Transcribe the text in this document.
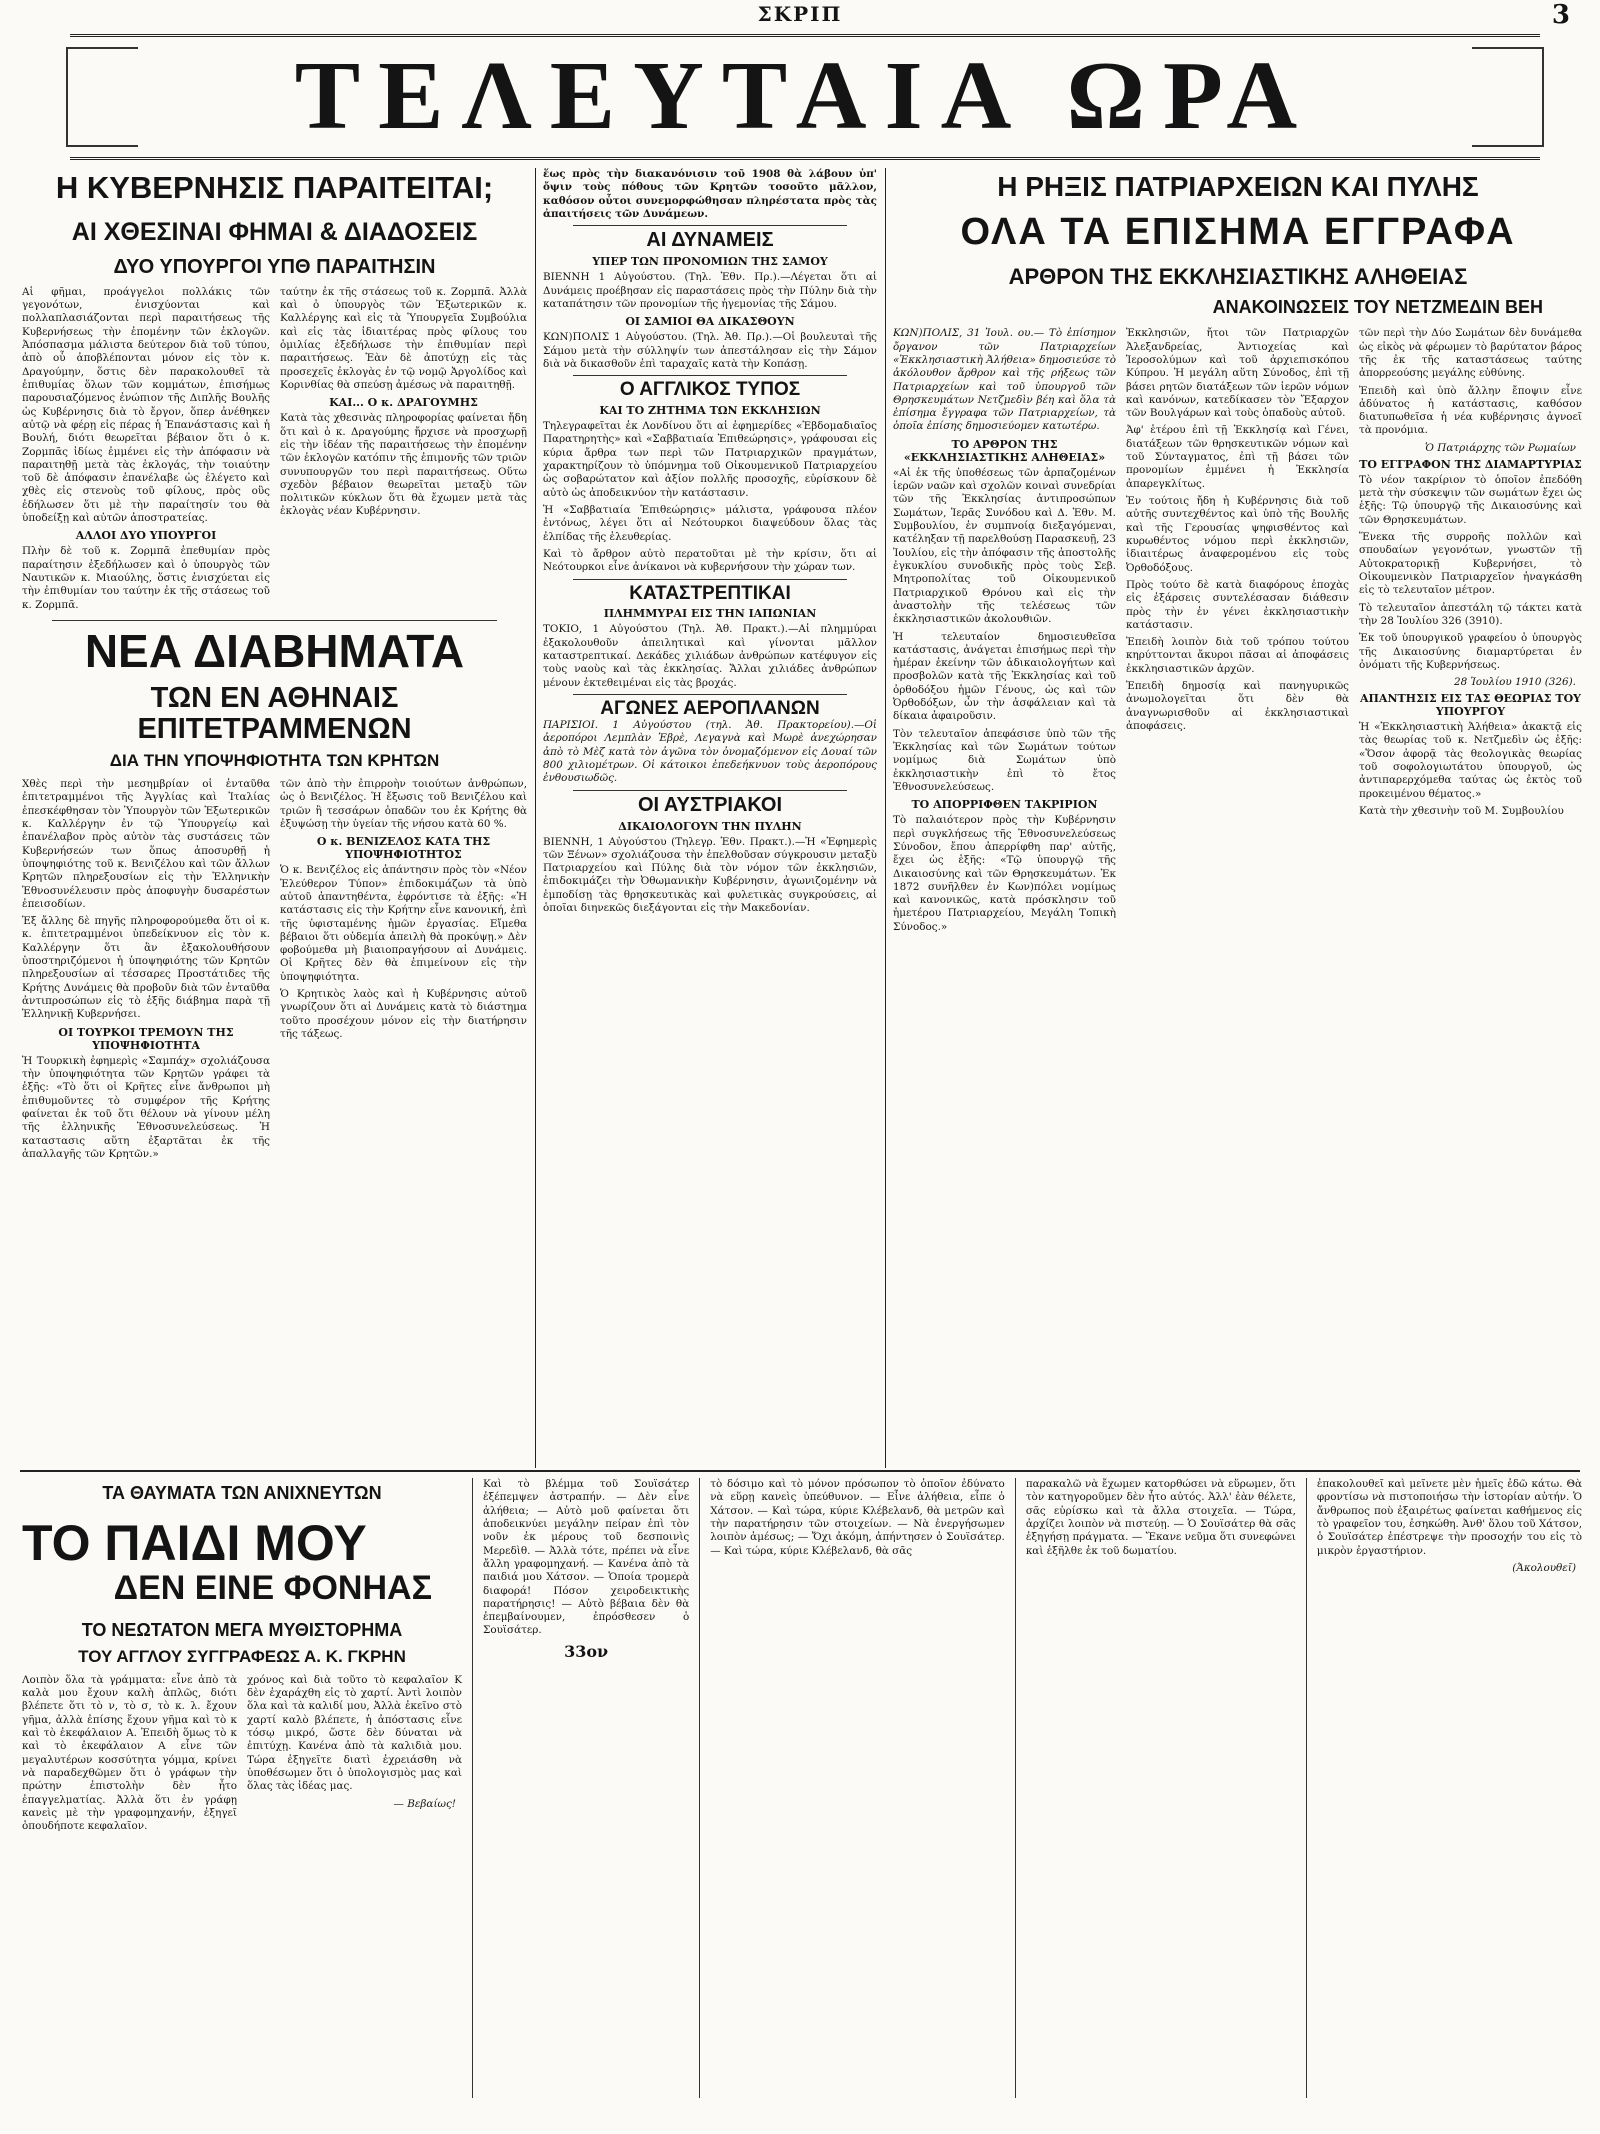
ΣΚΡΙΠ	3
ΤΕΛΕΥΤΑΙΑ ΩΡΑ
Η ΚΥΒΕΡΝΗΣΙΣ ΠΑΡΑΙΤΕΙΤΑΙ;
ΑΙ ΧΘΕΣΙΝΑΙ ΦΗΜΑΙ & ΔΙΑΔΟΣΕΙΣ
ΔΥΟ ΥΠΟΥΡΓΟΙ ΥΠΘ ΠΑΡΑΙΤΗΣΙΝ

Αἱ φῆμαι, προάγγελοι πολλάκις τῶν γεγονότων, ἐνισχύονται καὶ πολλαπλασιάζονται περὶ παραιτήσεως τῆς Κυβερνήσεως τὴν ἐπομένην τῶν ἐκλογῶν. Ἀπόσπασμα μάλιστα δεύτερον διὰ τοῦ τύπου, ἀπὸ οὗ ἀποβλέπονται μόνον εἰς τὸν κ. Δραγούμην, ὅστις δὲν παρακολουθεῖ τὰ ἐπιθυμίας ὅλων τῶν κομμάτων, ἐπισήμως παρουσιαζόμενος ἐνώπιον τῆς Διπλῆς Βουλῆς ὡς Κυβέρνησις διὰ τὸ ἔργον, ὅπερ ἀνέθηκεν αὐτῷ νὰ φέρῃ εἰς πέρας ἡ Ἐπανάστασις καὶ ἡ Βουλή, διότι θεωρεῖται βέβαιον ὅτι ὁ κ. Ζορμπᾶς ἰδίως ἐμμένει εἰς τὴν ἀπόφασιν νὰ παραιτηθῇ μετὰ τὰς ἐκλογάς, τὴν τοιαύτην τοῦ δὲ ἀπόφασιν ἐπανέλαβε ὡς ἐλέγετο καὶ χθὲς εἰς στενοὺς τοῦ φίλους, πρὸς οὓς ἐδήλωσεν ὅτι μὲ τὴν παραίτησίν του θὰ ὑποδείξῃ καὶ αὐτῶν ἀποστρατείας.

ΑΛΛΟΙ ΔΥΟ ΥΠΟΥΡΓΟΙ

Πλὴν δὲ τοῦ κ. Ζορμπᾶ ἐπεθυμίαν πρὸς παραίτησιν ἐξεδήλωσεν καὶ ὁ ὑπουργὸς τῶν Ναυτικῶν κ. Μιαούλης, ὅστις ἐνισχύεται εἰς τὴν ἐπιθυμίαν του ταύτην ἐκ τῆς στάσεως τοῦ κ. Ζορμπᾶ.

ταύτην ἐκ τῆς στάσεως τοῦ κ. Ζορμπᾶ. Ἀλλὰ καὶ ὁ ὑπουργὸς τῶν Ἐξωτερικῶν κ. Καλλέργης καὶ εἰς τὰ Ὑπουργεῖα Συμβούλια καὶ εἰς τὰς ἰδιαιτέρας πρὸς φίλους του ὁμιλίας ἐξεδήλωσε τὴν ἐπιθυμίαν περὶ παραιτήσεως. Ἐὰν δὲ ἀποτύχῃ εἰς τὰς προσεχεῖς ἐκλογὰς ἐν τῷ νομῷ Ἀργολίδος καὶ Κορινθίας θὰ σπεύσῃ ἀμέσως νὰ παραιτηθῇ.

ΚΑΙ... Ο κ. ΔΡΑΓΟΥΜΗΣ

Κατὰ τὰς χθεσινὰς πληροφορίας φαίνεται ἤδη ὅτι καὶ ὁ κ. Δραγούμης ἤρχισε νὰ προσχωρῇ εἰς τὴν ἰδέαν τῆς παραιτήσεως τὴν ἐπομένην τῶν ἐκλογῶν κατόπιν τῆς ἐπιμονῆς τῶν τριῶν συνυπουργῶν του περὶ παραιτήσεως. Οὕτω σχεδὸν βέβαιον θεωρεῖται μεταξὺ τῶν πολιτικῶν κύκλων ὅτι θὰ ἔχωμεν μετὰ τὰς ἐκλογὰς νέαν Κυβέρνησιν.

ΝΕΑ ΔΙΑΒΗΜΑΤΑ
ΤΩΝ ΕΝ ΑΘΗΝΑΙΣ ΕΠΙΤΕΤΡΑΜΜΕΝΩΝ
ΔΙΑ ΤΗΝ ΥΠΟΨΗΦΙΟΤΗΤΑ ΤΩΝ ΚΡΗΤΩΝ

Χθὲς περὶ τὴν μεσημβρίαν οἱ ἐνταῦθα ἐπιτετραμμένοι τῆς Ἀγγλίας καὶ Ἰταλίας ἐπεσκέφθησαν τὸν Ὑπουργὸν τῶν Ἐξωτερικῶν κ. Καλλέργην ἐν τῷ Ὑπουργείῳ καὶ ἐπανέλαβον πρὸς αὐτὸν τὰς συστάσεις τῶν Κυβερνήσεών των ὅπως ἀποσυρθῇ ἡ ὑποψηφιότης τοῦ κ. Βενιζέλου καὶ τῶν ἄλλων Κρητῶν πληρεξουσίων εἰς τὴν Ἑλληνικὴν Ἐθνοσυνέλευσιν πρὸς ἀποφυγὴν δυσαρέστων ἐπεισοδίων.

Ἐξ ἄλλης δὲ πηγῆς πληροφορούμεθα ὅτι οἱ κ. κ. ἐπιτετραμμένοι ὑπεδείκνυον εἰς τὸν κ. Καλλέργην ὅτι ἂν ἐξακολουθήσουν ὑποστηριζόμενοι ἡ ὑποψηφιότης τῶν Κρητῶν πληρεξουσίων αἱ τέσσαρες Προστάτιδες τῆς Κρήτης Δυνάμεις θὰ προβοῦν διὰ τῶν ἐνταῦθα ἀντιπροσώπων εἰς τὸ ἐξῆς διάβημα παρὰ τῇ Ἑλληνικῇ Κυβερνήσει.

ΟΙ ΤΟΥΡΚΟΙ ΤΡΕΜΟΥΝ ΤΗΣ ΥΠΟΨΗΦΙΟΤΗΤΑ

Ἡ Τουρκικὴ ἐφημερὶς «Σαμπάχ» σχολιάζουσα τὴν ὑποψηφιότητα τῶν Κρητῶν γράφει τὰ ἑξῆς: «Τὸ ὅτι οἱ Κρῆτες εἶνε ἄνθρωποι μὴ ἐπιθυμοῦντες τὸ συμφέρον τῆς Κρήτης φαίνεται ἐκ τοῦ ὅτι θέλουν νὰ γίνουν μέλη τῆς ἑλληνικῆς Ἐθνοσυνελεύσεως. Ἡ καταστασις αὕτη ἐξαρτᾶται ἐκ τῆς ἀπαλλαγῆς τῶν Κρητῶν.»

τῶν ἀπὸ τὴν ἐπιρροὴν τοιούτων ἀνθρώπων, ὡς ὁ Βενιζέλος. Ἡ ἔξωσις τοῦ Βενιζέλου καὶ τριῶν ἢ τεσσάρων ὁπαδῶν του ἐκ Κρήτης θὰ ἐξυψώσῃ τὴν ὑγείαν τῆς νήσου κατὰ 60 %.

Ο κ. ΒΕΝΙΖΕΛΟΣ ΚΑΤΑ ΤΗΣ ΥΠΟΨΗΦΙΟΤΗΤΟΣ

Ὁ κ. Βενιζέλος εἰς ἀπάντησιν πρὸς τὸν «Νέον Ἐλεύθερον Τύπον» ἐπιδοκιμάζων τὰ ὑπὸ αὐτοῦ ἀπαντηθέντα, ἐφρόντισε τὰ ἐξῆς: «Ἡ κατάστασις εἰς τὴν Κρήτην εἶνε κανονική, ἐπὶ τῆς ὑφισταμένης ἡμῶν ἐργασίας. Εἴμεθα βέβαιοι ὅτι οὐδεμία ἀπειλὴ θὰ προκύψῃ.» Δὲν φοβούμεθα μὴ βιαιοπραγήσουν αἱ Δυνάμεις. Οἱ Κρῆτες δὲν θὰ ἐπιμείνουν εἰς τὴν ὑποψηφιότητα.

Ὁ Κρητικὸς λαὸς καὶ ἡ Κυβέρνησις αὐτοῦ γνωρίζουν ὅτι αἱ Δυνάμεις κατὰ τὸ διάστημα τοῦτο προσέχουν μόνον εἰς τὴν διατήρησιν τῆς τάξεως.

ἕως πρὸς τὴν διακανόνισιν τοῦ 1908 θὰ λάβουν ὑπ' ὄψιν τοὺς πόθους τῶν Κρητῶν τοσοῦτο μᾶλλον, καθόσον οὗτοι συνεμορφώθησαν πληρέστατα πρὸς τὰς ἀπαιτήσεις τῶν Δυνάμεων.

ΑΙ ΔΥΝΑΜΕΙΣ
ΥΠΕΡ ΤΩΝ ΠΡΟΝΟΜΙΩΝ ΤΗΣ ΣΑΜΟΥ

ΒΙΕΝΝΗ 1 Αὐγούστου. (Τηλ. Ἐθν. Πρ.).—Λέγεται ὅτι αἱ Δυνάμεις προέβησαν εἰς παραστάσεις πρὸς τὴν Πύλην διὰ τὴν καταπάτησιν τῶν προνομίων τῆς ἡγεμονίας τῆς Σάμου.

ΟΙ ΣΑΜΙΟΙ ΘΑ ΔΙΚΑΣΘΟΥΝ

ΚΩΝ)ΠΟΛΙΣ 1 Αὐγούστου. (Τηλ. Ἀθ. Πρ.).—Οἱ βουλευταὶ τῆς Σάμου μετὰ τὴν σύλληψίν των ἀπεστάλησαν εἰς τὴν Σάμον διὰ νὰ δικασθοῦν ἐπὶ ταραχαῖς κατὰ τὴν Κοπάσῃ.

Ο ΑΓΓΛΙΚΟΣ ΤΥΠΟΣ
ΚΑΙ ΤΟ ΖΗΤΗΜΑ ΤΩΝ ΕΚΚΛΗΣΙΩΝ

Τηλεγραφεῖται ἐκ Λονδίνου ὅτι αἱ ἐφημερίδες «Ἐβδομαδιαῖος Παρατηρητὴς» καὶ «Σαββατιαία Ἐπιθεώρησις», γράφουσαι εἰς κύρια ἄρθρα των περὶ τῶν Πατριαρχικῶν πραγμάτων, χαρακτηρίζουν τὸ ὑπόμνημα τοῦ Οἰκουμενικοῦ Πατριαρχείου ὡς σοβαρώτατον καὶ ἀξίον πολλῆς προσοχῆς, εὑρίσκουν δὲ αὐτὸ ὡς ἀποδεικνύον τὴν κατάστασιν.

Ἡ «Σαββατιαία Ἐπιθεώρησις» μάλιστα, γράφουσα πλέον ἐντόνως, λέγει ὅτι αἱ Νεότουρκοι διαψεύδουν ὅλας τὰς ἐλπίδας τῆς ἐλευθερίας.

Καὶ τὸ ἄρθρον αὐτὸ περατοῦται μὲ τὴν κρίσιν, ὅτι αἱ Νεότουρκοι εἶνε ἀνίκανοι νὰ κυβερνήσουν τὴν χώραν των.

ΚΑΤΑΣΤΡΕΠΤΙΚΑΙ
ΠΛΗΜΜΥΡΑΙ ΕΙΣ ΤΗΝ ΙΑΠΩΝΙΑΝ

ΤΟΚΙΟ, 1 Αὐγούστου (Τηλ. Ἀθ. Πρακτ.).—Αἱ πλημμύραι ἐξακολουθοῦν ἀπειλητικαὶ καὶ γίνονται μᾶλλον καταστρεπτικαί. Δεκάδες χιλιάδων ἀνθρώπων κατέφυγον εἰς τοὺς ναοὺς καὶ τὰς ἐκκλησίας. Ἄλλαι χιλιάδες ἀνθρώπων μένουν ἐκτεθειμέναι εἰς τὰς βροχάς.

ΑΓΩΝΕΣ ΑΕΡΟΠΛΑΝΩΝ

ΠΑΡΙΣΙΟΙ. 1 Αὐγούστου (τηλ. Ἀθ. Πρακτορείου).—Οἱ ἀεροπόροι Λεμπλὰν Ἐβρὲ, Λεγαγνὰ καὶ Μωρὲ ἀνεχώρησαν ἀπὸ τὸ Μὲζ κατὰ τὸν ἀγῶνα τὸν ὀνομαζόμενον εἰς Δουαί τῶν 800 χιλιομέτρων. Οἱ κάτοικοι ἐπεδεήκνυον τοὺς ἀεροπόρους ἐνθουσιωδῶς.

ΟΙ ΑΥΣΤΡΙΑΚΟΙ
ΔΙΚΑΙΟΛΟΓΟΥΝ ΤΗΝ ΠΥΛΗΝ

ΒΙΕΝΝΗ, 1 Αὐγούστου (Τηλεγρ. Ἐθν. Πρακτ.).—Ἡ «Ἐφημερὶς τῶν Ξένων» σχολιάζουσα τὴν ἐπελθοῦσαν σύγκρουσιν μεταξὺ Πατριαρχείου καὶ Πύλης διὰ τὸν νόμον τῶν ἐκκλησιῶν, ἐπιδοκιμάζει τὴν Ὀθωμανικὴν Κυβέρνησιν, ἀγωνιζομένην νὰ ἐμποδίσῃ τὰς θρησκευτικὰς καὶ φυλετικὰς συγκρούσεις, αἱ ὁποῖαι διηνεκῶς διεξάγονται εἰς τὴν Μακεδονίαν.

Η ΡΗΞΙΣ ΠΑΤΡΙΑΡΧΕΙΩΝ ΚΑΙ ΠΥΛΗΣ
ΟΛΑ ΤΑ ΕΠΙΣΗΜΑ ΕΓΓΡΑΦΑ
ΑΡΘΡΟΝ ΤΗΣ ΕΚΚΛΗΣΙΑΣΤΙΚΗΣ ΑΛΗΘΕΙΑΣ
ΑΝΑΚΟΙΝΩΣΕΙΣ ΤΟΥ ΝΕΤΖΜΕΔΙΝ ΒΕΗ

ΚΩΝ)ΠΟΛΙΣ, 31 Ἰουλ. ου.— Τὸ ἐπίσημον ὄργανον τῶν Πατριαρχείων «Ἐκκλησιαστικὴ Ἀλήθεια» δημοσιεύσε τὸ ἀκόλουθον ἄρθρον καὶ τῆς ρήξεως τῶν Πατριαρχείων καὶ τοῦ ὑπουργοῦ τῶν Θρησκευμάτων Νετζμεδὶν βέη καὶ ὅλα τὰ ἐπίσημα ἔγγραφα τῶν Πατριαρχείων, τὰ ὁποῖα ἐπίσης δημοσιεύομεν κατωτέρω.

ΤΟ ΑΡΘΡΟΝ ΤΗΣ «ΕΚΚΛΗΣΙΑΣΤΙΚΗΣ ΑΛΗΘΕΙΑΣ»

«Αἱ ἐκ τῆς ὑποθέσεως τῶν ἀρπαζομένων ἱερῶν ναῶν καὶ σχολῶν κοιναὶ συνεδρίαι τῶν τῆς Ἐκκλησίας ἀντιπροσώπων Σωμάτων, Ἱερᾶς Συνόδου καὶ Δ. Ἐθν. Μ. Συμβουλίου, ἐν συμπνοίᾳ διεξαγόμεναι, κατέληξαν τῇ παρελθούσῃ Παρασκευῇ, 23 Ἰουλίου, εἰς τὴν ἀπόφασιν τῆς ἀποστολῆς ἐγκυκλίου συνοδικῆς πρὸς τοὺς Σεβ. Μητροπολίτας τοῦ Οἰκουμενικοῦ Πατριαρχικοῦ Θρόνου καὶ εἰς τὴν ἀναστολὴν τῆς τελέσεως τῶν ἐκκλησιαστικῶν ἀκολουθιῶν.

Ἡ τελευταίον δημοσιευθεῖσα κατάστασις, ἀνάγεται ἐπισήμως περὶ τὴν ἡμέραν ἐκείνην τῶν ἀδικαιολογήτων καὶ προσβολῶν κατὰ τῆς Ἐκκλησίας καὶ τοῦ ὀρθοδόξου ἡμῶν Γένους, ὡς καὶ τῶν Ὀρθοδόξων, ὧν τὴν ἀσφάλειαν καὶ τὰ δίκαια ἀφαιροῦσιν.

Τὸν τελευταῖον ἀπεφάσισε ὑπὸ τῶν τῆς Ἐκκλησίας καὶ τῶν Σωμάτων τούτων νομίμως διὰ Σωμάτων ὑπὸ ἐκκλησιαστικὴν ἐπὶ τὸ ἔτος Ἐθνοσυνελεύσεως.

ΤΟ ΑΠΟΡΡΙΦΘΕΝ ΤΑΚΡΙΡΙΟΝ

Τὸ παλαιότερον πρὸς τὴν Κυβέρνησιν περὶ συγκλήσεως τῆς Ἐθνοσυνελεύσεως Σύνοδον, ἔπου ἀπερρίφθη παρ' αὐτῆς, ἔχει ὡς ἑξῆς: «Τῷ ὑπουργῷ τῆς Δικαιοσύνης καὶ τῶν Θρησκευμάτων. Ἐκ 1872 συνῆλθεν ἐν Κων)πόλει νομίμως καὶ κανονικῶς, κατὰ πρόσκλησιν τοῦ ἡμετέρου Πατριαρχείου, Μεγάλη Τοπικὴ Σύνοδος.»

Ἐκκλησιῶν, ἤτοι τῶν Πατριαρχῶν Ἀλεξανδρείας, Ἀντιοχείας καὶ Ἱεροσολύμων καὶ τοῦ ἀρχιεπισκόπου Κύπρου. Ἡ μεγάλη αὕτη Σύνοδος, ἐπὶ τῇ βάσει ρητῶν διατάξεων τῶν ἱερῶν νόμων καὶ κανόνων, κατεδίκασεν τὸν Ἔξαρχον τῶν Βουλγάρων καὶ τοὺς ὀπαδοὺς αὐτοῦ.

Ἀφ' ἑτέρου ἐπὶ τῇ Ἐκκλησίᾳ καὶ Γένει, διατάξεων τῶν θρησκευτικῶν νόμων καὶ τοῦ Σύνταγματος, ἐπὶ τῇ βάσει τῶν προνομίων ἐμμένει ἡ Ἐκκλησία ἀπαρεγκλίτως.

Ἐν τούτοις ἤδη ἡ Κυβέρνησις διὰ τοῦ αὐτῆς συντεχθέντος καὶ ὑπὸ τῆς Βουλῆς καὶ τῆς Γερουσίας ψηφισθέντος καὶ κυρωθέντος νόμου περὶ ἐκκλησιῶν, ἰδιαιτέρως ἀναφερομένου εἰς τοὺς Ὀρθοδόξους.

Πρὸς τούτο δὲ κατὰ διαφόρους ἐποχὰς εἰς ἐξάρσεις συντελέσασαν διάθεσιν πρὸς τὴν ἐν γένει ἐκκλησιαστικὴν κατάστασιν.

Ἐπειδὴ λοιπὸν διὰ τοῦ τρόπου τούτου κηρύττονται ἄκυροι πᾶσαι αἱ ἀποφάσεις ἐκκλησιαστικῶν ἀρχῶν.

Ἐπειδὴ δημοσίᾳ καὶ πανηγυρικῶς ἀνωμολογεῖται ὅτι δὲν θὰ ἀναγνωρισθοῦν αἱ ἐκκλησιαστικαὶ ἀποφάσεις.

τῶν περὶ τὴν Δύο Σωμάτων δὲν δυνάμεθα ὡς εἰκὸς νὰ φέρωμεν τὸ βαρύτατον βάρος τῆς ἐκ τῆς καταστάσεως ταύτης ἀπορρεούσης μεγάλης εὐθύνης.

Ἐπειδὴ καὶ ὑπὸ ἄλλην ἔποψιν εἶνε ἀδύνατος ἡ κατάστασις, καθόσον διατυπωθεῖσα ἡ νέα κυβέρνησις ἀγνοεῖ τὰ προνόμια.

Ὁ Πατριάρχης τῶν Ρωμαίων
ΤΟ ΕΓΓΡΑΦΟΝ ΤΗΣ ΔΙΑΜΑΡΤΥΡΙΑΣ

Τὸ νέον τακρίριον τὸ ὁποῖον ἐπεδόθη μετὰ τὴν σύσκεψιν τῶν σωμάτων ἔχει ὡς ἑξῆς: Τῷ ὑπουργῷ τῆς Δικαιοσύνης καὶ τῶν Θρησκευμάτων.

Ἕνεκα τῆς συρροῆς πολλῶν καὶ σπουδαίων γεγονότων, γνωστῶν τῇ Αὐτοκρατορικῇ Κυβερνήσει, τὸ Οἰκουμενικὸν Πατριαρχεῖον ἠναγκάσθη εἰς τὸ τελευταῖον μέτρον.

Τὸ τελευταῖον ἀπεστάλη τῷ τάκτει κατὰ τὴν 28 Ἰουλίου 326 (3910).

Ἐκ τοῦ ὑπουργικοῦ γραφείου ὁ ὑπουργὸς τῆς Δικαιοσύνης διαμαρτύρεται ἐν ὀνόματι τῆς Κυβερνήσεως.

28 Ἰουλίου 1910 (326).
ΑΠΑΝΤΗΣΙΣ ΕΙΣ ΤΑΣ ΘΕΩΡΙΑΣ ΤΟΥ ΥΠΟΥΡΓΟΥ

Ἡ «Ἐκκλησιαστικὴ Ἀλήθεια» ἀκακτᾷ εἰς τὰς θεωρίας τοῦ κ. Νετζμεδὶν ὡς ἑξῆς: «Ὅσον ἀφορᾷ τὰς θεολογικὰς θεωρίας τοῦ σοφολογιωτάτου ὑπουργοῦ, ὡς ἀντιπαρερχόμεθα ταύτας ὡς ἐκτὸς τοῦ προκειμένου θέματος.»

Κατὰ τὴν χθεσινὴν τοῦ Μ. Συμβουλίου

ΤΑ ΘΑΥΜΑΤΑ ΤΩΝ ΑΝΙΧΝΕΥΤΩΝ
ΤΟ ΠΑΙΔΙ ΜΟΥ
ΔΕΝ ΕΙΝΕ ΦΟΝΗΑΣ
ΤΟ ΝΕΩΤΑΤΟΝ ΜΕΓΑ ΜΥΘΙΣΤΟΡΗΜΑ
ΤΟΥ ΑΓΓΛΟΥ ΣΥΓΓΡΑΦΕΩΣ Α. Κ. ΓΚΡΗΝ

Λοιπὸν ὅλα τὰ γράμματα: εἶνε ἀπὸ τὰ καλὰ μου ἔχουν καλὴ ἀπλῶς, διότι βλέπετε ὅτι τὸ ν, τὸ σ, τὸ κ. λ. ἔχουν γῆμα, ἀλλὰ ἐπίσης ἔχουν γῆμα καὶ τὸ κ καὶ τὸ ἐκεφάλαιον Α. Ἐπειδὴ ὅμως τὸ κ καὶ τὸ ἐκεφάλαιον Α εἶνε τῶν μεγαλυτέρων κοσσύτητα γόμμα, κρίνει νὰ παραδεχθῶμεν ὅτι ὁ γράφων τὴν πρώτην ἐπιστολὴν δὲν ἦτο ἐπαγγελματίας. Ἀλλὰ ὅτι ἐν γράφῃ κανεὶς μὲ τὴν γραφομηχανήν, ἐξηγεῖ ὁπουδήποτε κεφαλαῖον.

χρόνος καὶ διὰ τοῦτο τὸ κεφαλαῖον Κ δὲν ἐχαράχθη εἰς τὸ χαρτί. Ἀντὶ λοιπὸν ὅλα καὶ τὰ καλιδί μου, Ἀλλὰ ἐκεῖνο στὸ χαρτί καλὸ βλέπετε, ἡ ἀπόστασις εἶνε τόσῳ μικρό, ὥστε δὲν δύναται νὰ ἐπιτύχῃ. Κανένα ἀπὸ τὰ καλιδιὰ μου. Τώρα ἐξηγεῖτε διατὶ ἐχρειάσθη νὰ ὑποθέσωμεν ὅτι ὁ ὑπολογισμὸς μας καὶ ὅλας τὰς ἰδέας μας.

— Βεβαίως!

Καὶ τὸ βλέμμα τοῦ Σουϊσάτερ ἐξέπεμψεν ἀστραπήν. — Δὲν εἶνε ἀλήθεια; — Αὐτὸ μοῦ φαίνεται ὅτι ἀποδεικνύει μεγάλην πείραν ἐπὶ τὸν νοῦν ἐκ μέρους τοῦ δεσποινὶς Μερεδὶθ. — Ἀλλὰ τότε, πρέπει νὰ εἶνε ἄλλη γραφομηχανή. — Κανένα ἀπὸ τὰ παιδιά μου Χάτσον. — Ὁποία τρομερὰ διαφορά! Πόσον χειροδεικτικὴς παρατήρησις! — Αὐτὸ βέβαια δὲν θὰ ἐπεμβαίνουμεν, ἐπρόσθεσεν ὁ Σουϊσάτερ.

33ον

τὸ δόσιμο καὶ τὸ μόνον πρόσωπον τὸ ὁποῖον ἐδύνατο νὰ εὕρῃ κανεὶς ὑπεύθυνον. — Εἶνε ἀλήθεια, εἶπε ὁ Χάτσον. — Καὶ τώρα, κύριε Κλέβελανδ, θὰ μετρῶν καὶ τὴν παρατήρησιν τῶν στοιχείων. — Νὰ ἐνεργήσωμεν λοιπὸν ἀμέσως; — Ὄχι ἀκόμη, ἀπήντησεν ὁ Σουϊσάτερ. — Καὶ τώρα, κύριε Κλέβελανδ, θὰ σᾶς

παρακαλῶ νὰ ἔχωμεν κατορθώσει νὰ εὕρωμεν, ὅτι τὸν κατηγοροῦμεν δὲν ἦτο αὐτός. Ἀλλ' ἐὰν θέλετε, σᾶς εὑρίσκω καὶ τὰ ἄλλα στοιχεῖα. — Τώρα, ἀρχίζει λοιπὸν νὰ πιστεύῃ. — Ὁ Σουϊσάτερ θὰ σᾶς ἐξηγήσῃ πράγματα. — Ἔκανε νεῦμα ὅτι συνεφώνει καὶ ἐξῆλθε ἐκ τοῦ δωματίου.

ἐπακολουθεῖ καὶ μεῖνετε μὲν ἡμεῖς ἐδῶ κάτω. Θὰ φροντίσω νὰ πιστοποιήσω τὴν ἱστορίαν αὐτήν. Ὁ ἄνθρωπος ποὺ ἐξαιρέτως φαίνεται καθήμενος εἰς τὸ γραφεῖον του, ἐσηκώθη. Ἀνθ' ὅλου τοῦ Χάτσον, ὁ Σουϊσάτερ ἐπέστρεψε τὴν προσοχήν του εἰς τὸ μικρὸν ἐργαστήριον.

(Ἀκολουθεῖ)
